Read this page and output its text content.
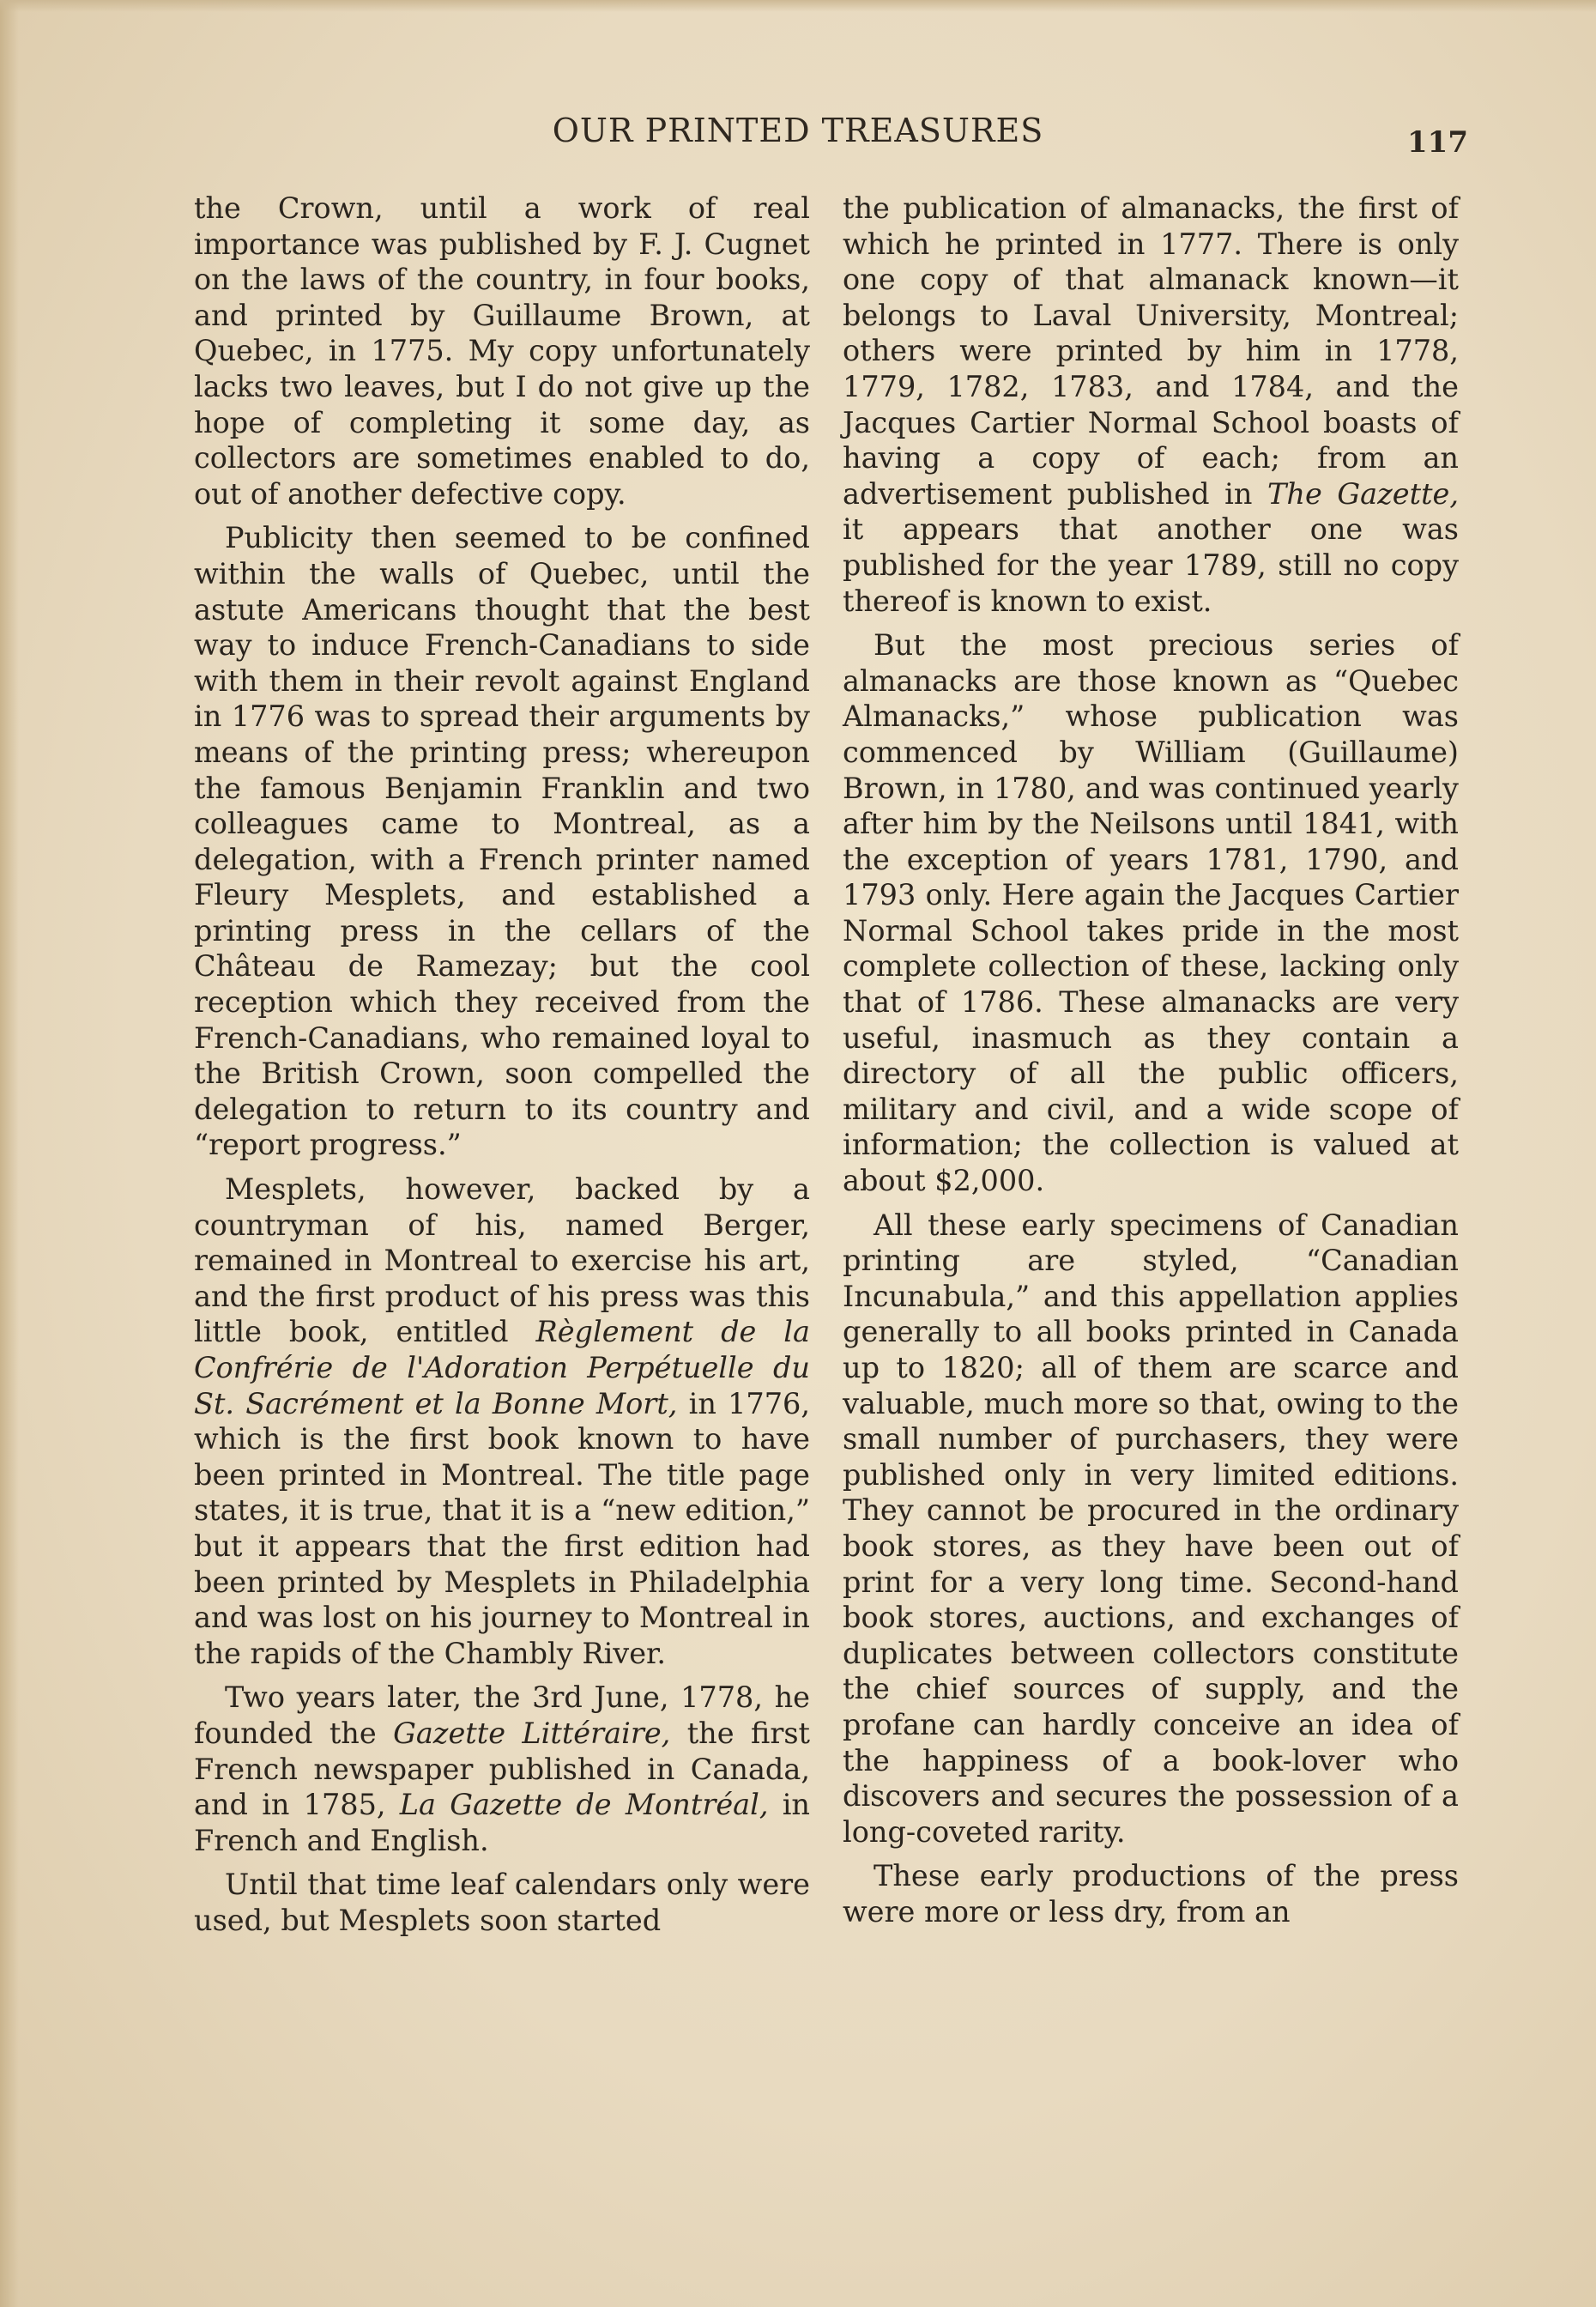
OUR PRINTED TREASURES	117

the Crown, until a work of real importance was published by F. J. Cugnet on the laws of the country, in four books, and printed by Guillaume Brown, at Quebec, in 1775. My copy unfortunately lacks two leaves, but I do not give up the hope of completing it some day, as collectors are sometimes enabled to do, out of another defective copy.

Publicity then seemed to be confined within the walls of Quebec, until the astute Americans thought that the best way to induce French-Canadians to side with them in their revolt against England in 1776 was to spread their arguments by means of the printing press; whereupon the famous Benjamin Franklin and two colleagues came to Montreal, as a delegation, with a French printer named Fleury Mesplets, and established a printing press in the cellars of the Château de Ramezay; but the cool reception which they received from the French-Canadians, who remained loyal to the British Crown, soon compelled the delegation to return to its country and “report progress.”

Mesplets, however, backed by a countryman of his, named Berger, remained in Montreal to exercise his art, and the first product of his press was this little book, entitled Règlement de la Confrérie de l'Adoration Perpétuelle du St. Sacrément et la Bonne Mort, in 1776, which is the first book known to have been printed in Montreal. The title page states, it is true, that it is a “new edition,” but it appears that the first edition had been printed by Mesplets in Philadelphia and was lost on his journey to Montreal in the rapids of the Chambly River.

Two years later, the 3rd June, 1778, he founded the Gazette Littéraire, the first French newspaper published in Canada, and in 1785, La Gazette de Montréal, in French and English.

Until that time leaf calendars only were used, but Mesplets soon started

the publication of almanacks, the first of which he printed in 1777. There is only one copy of that almanack known—it belongs to Laval University, Montreal; others were printed by him in 1778, 1779, 1782, 1783, and 1784, and the Jacques Cartier Normal School boasts of having a copy of each; from an advertisement published in The Gazette, it appears that another one was published for the year 1789, still no copy thereof is known to exist.

But the most precious series of almanacks are those known as “Quebec Almanacks,” whose publication was commenced by William (Guillaume) Brown, in 1780, and was continued yearly after him by the Neilsons until 1841, with the exception of years 1781, 1790, and 1793 only. Here again the Jacques Cartier Normal School takes pride in the most complete collection of these, lacking only that of 1786. These almanacks are very useful, inasmuch as they contain a directory of all the public officers, military and civil, and a wide scope of information; the collection is valued at about $2,000.

All these early specimens of Canadian printing are styled, “Canadian Incunabula,” and this appellation applies generally to all books printed in Canada up to 1820; all of them are scarce and valuable, much more so that, owing to the small number of purchasers, they were published only in very limited editions. They cannot be procured in the ordinary book stores, as they have been out of print for a very long time. Second-hand book stores, auctions, and exchanges of duplicates between collectors constitute the chief sources of supply, and the profane can hardly conceive an idea of the happiness of a book-lover who discovers and secures the possession of a long-coveted rarity.

These early productions of the press were more or less dry, from an
